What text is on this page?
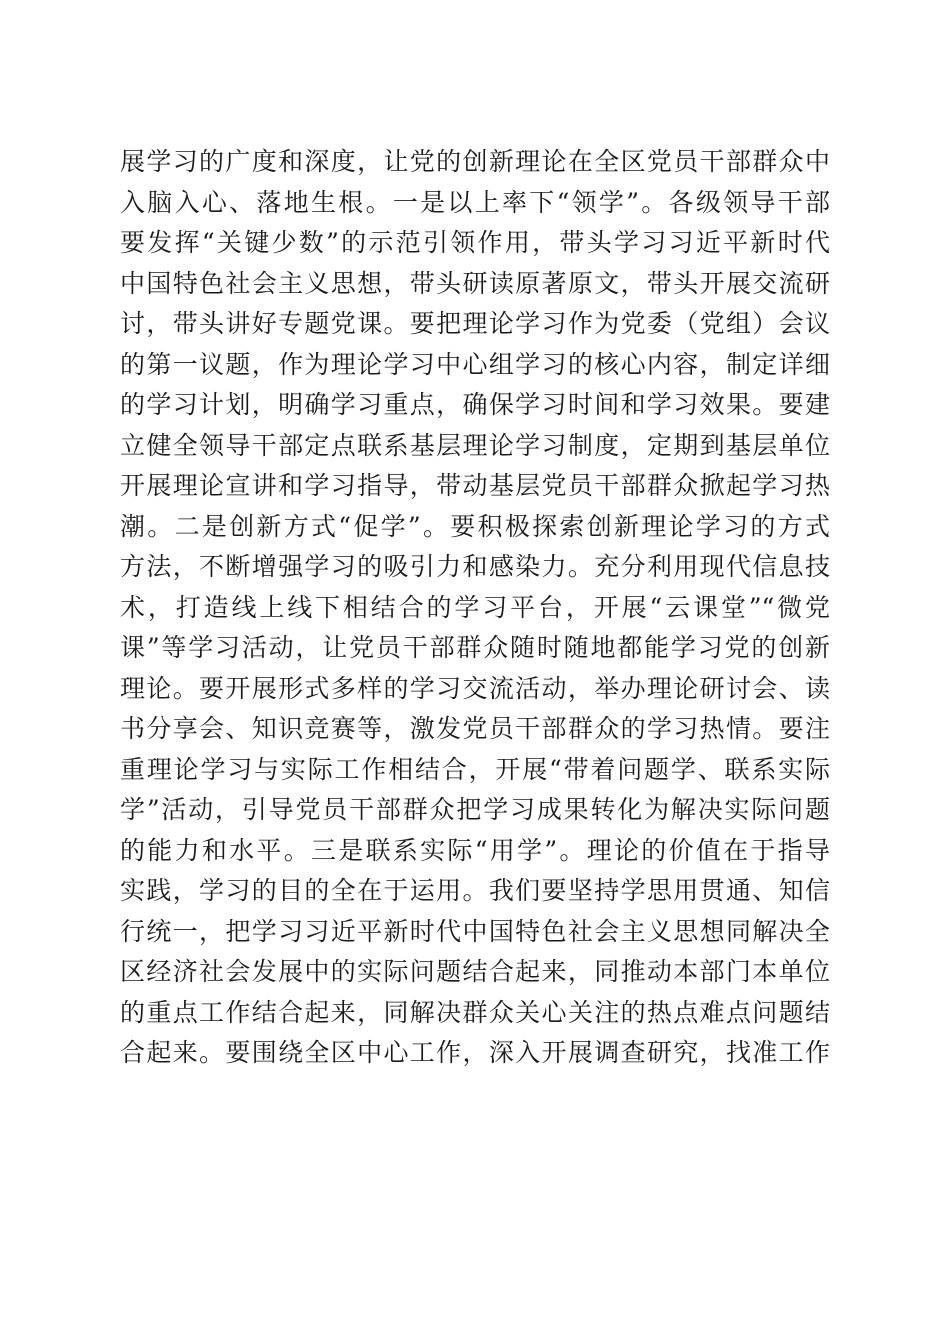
展学习的广度和深度，让党的创新理论在全区党员干部群众中
入脑入心、落地生根。一是以上率下“领学”。各级领导干部
要发挥“关键少数”的示范引领作用，带头学习习近平新时代
中国特色社会主义思想，带头研读原著原文，带头开展交流研
讨，带头讲好专题党课。要把理论学习作为党委（党组）会议
的第一议题，作为理论学习中心组学习的核心内容，制定详细
的学习计划，明确学习重点，确保学习时间和学习效果。要建
立健全领导干部定点联系基层理论学习制度，定期到基层单位
开展理论宣讲和学习指导，带动基层党员干部群众掀起学习热
潮。二是创新方式“促学”。要积极探索创新理论学习的方式
方法，不断增强学习的吸引力和感染力。充分利用现代信息技
术，打造线上线下相结合的学习平台，开展“云课堂”“微党
课”等学习活动，让党员干部群众随时随地都能学习党的创新
理论。要开展形式多样的学习交流活动，举办理论研讨会、读
书分享会、知识竞赛等，激发党员干部群众的学习热情。要注
重理论学习与实际工作相结合，开展“带着问题学、联系实际
学”活动，引导党员干部群众把学习成果转化为解决实际问题
的能力和水平。三是联系实际“用学”。理论的价值在于指导
实践，学习的目的全在于运用。我们要坚持学思用贯通、知信
行统一，把学习习近平新时代中国特色社会主义思想同解决全
区经济社会发展中的实际问题结合起来，同推动本部门本单位
的重点工作结合起来，同解决群众关心关注的热点难点问题结
合起来。要围绕全区中心工作，深入开展调查研究，找准工作
